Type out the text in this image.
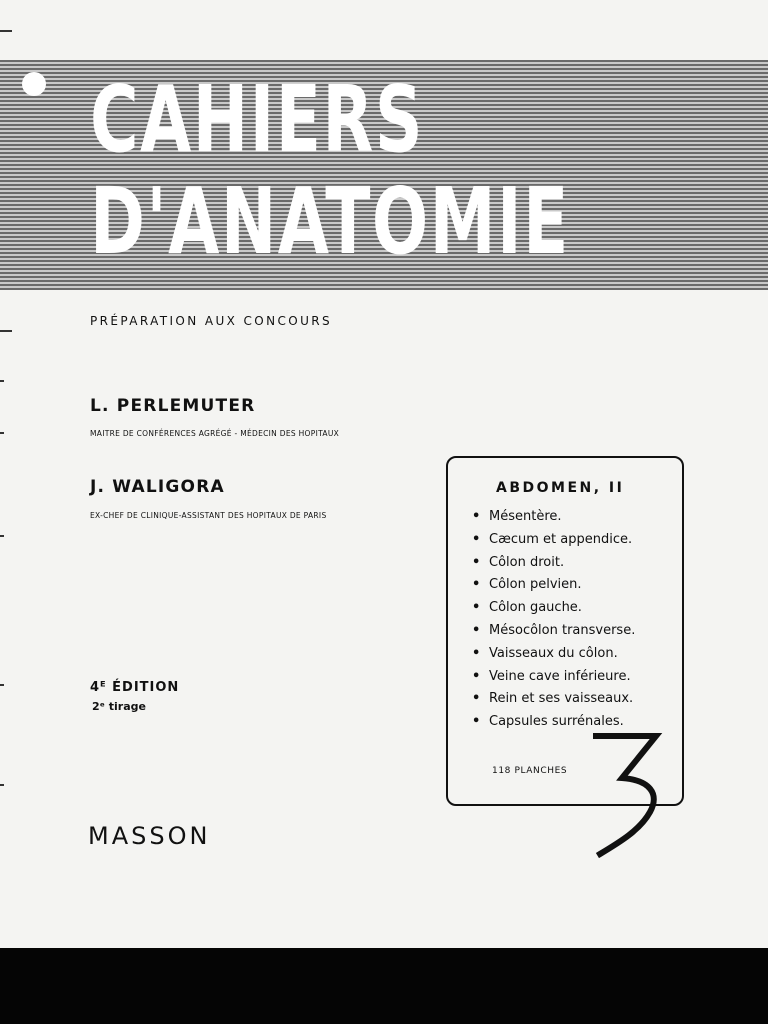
CAHIERS
D'ANATOMIE
PRÉPARATION AUX CONCOURS
L. PERLEMUTER
MAITRE DE CONFÉRENCES AGRÉGÉ - MÉDECIN DES HOPITAUX
J. WALIGORA
EX-CHEF DE CLINIQUE-ASSISTANT DES HOPITAUX DE PARIS
4ᴱ ÉDITION
2ᵉ tirage
MASSON
ABDOMEN, II
• Mésentère.
• Cæcum et appendice.
• Côlon droit.
• Côlon pelvien.
• Côlon gauche.
• Mésocôlon transverse.
• Vaisseaux du côlon.
• Veine cave inférieure.
• Rein et ses vaisseaux.
• Capsules surrénales.
118 PLANCHES
